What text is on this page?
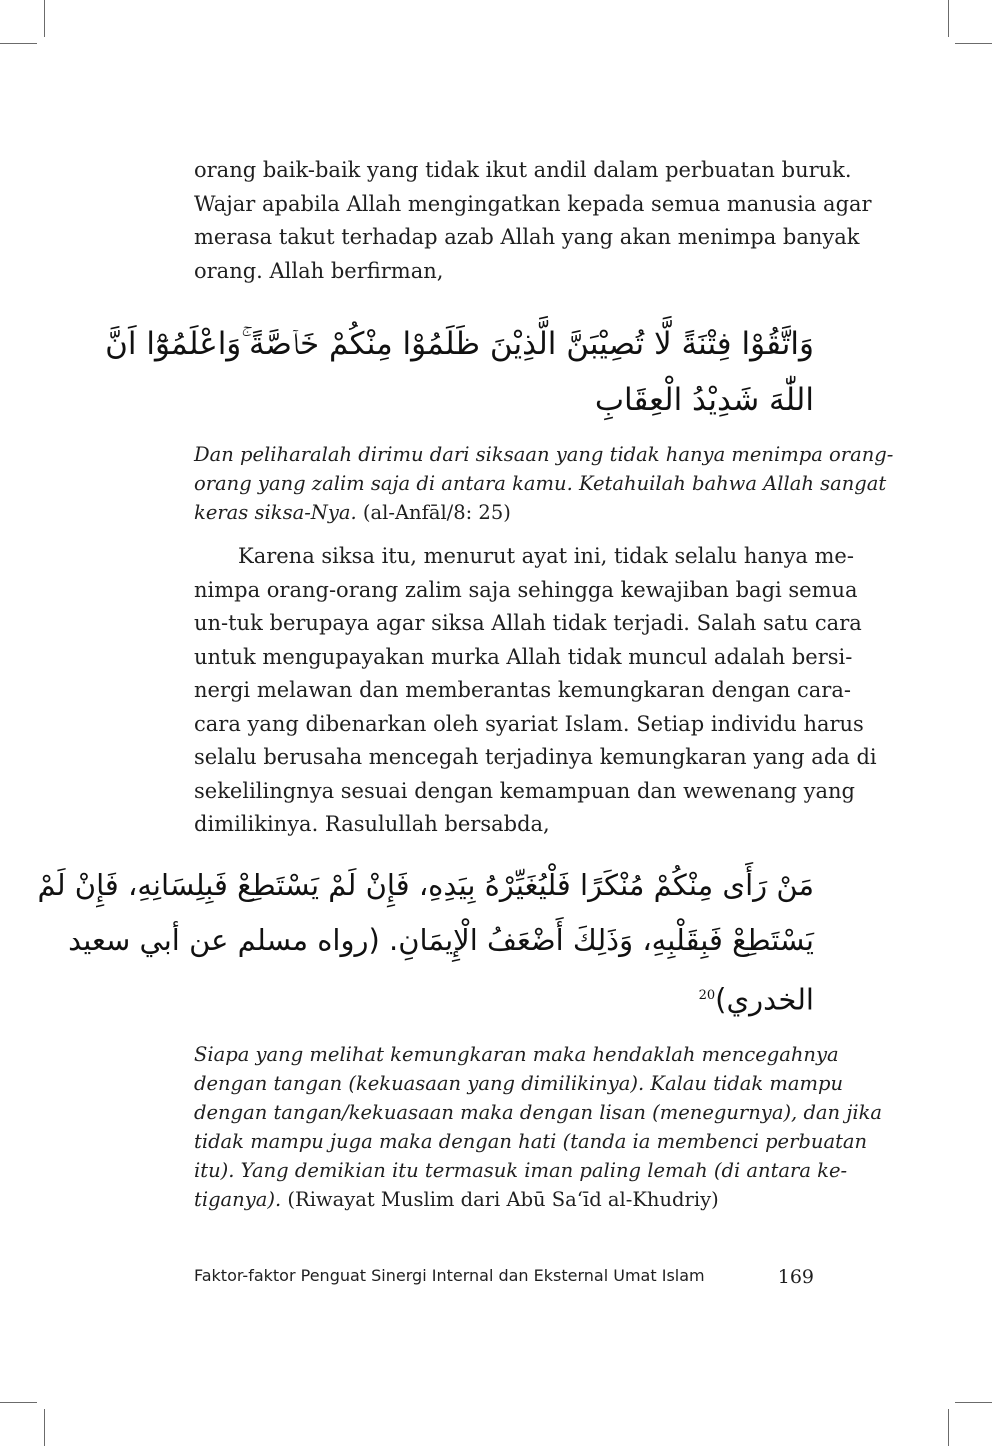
orang baik-baik yang tidak ikut andil dalam perbuatan buruk.
Wajar apabila Allah mengingatkan kepada semua manusia agar
merasa takut terhadap azab Allah yang akan menimpa banyak
orang. Allah berfirman,
وَاتَّقُوْا فِتْنَةً لَّا تُصِيْبَنَّ الَّذِيْنَ ظَلَمُوْا مِنْكُمْ خَاۤصَّةً ۚوَاعْلَمُوْٓا اَنَّ
اللّٰهَ شَدِيْدُ الْعِقَابِ
Dan peliharalah dirimu dari siksaan yang tidak hanya menimpa orang-
orang yang zalim saja di antara kamu. Ketahuilah bahwa Allah sangat
keras siksa-Nya. (al-Anfāl/8: 25)
Karena siksa itu, menurut ayat ini, tidak selalu hanya me-
nimpa orang-orang zalim saja sehingga kewajiban bagi semua
un-tuk berupaya agar siksa Allah tidak terjadi. Salah satu cara
untuk mengupayakan murka Allah tidak muncul adalah bersi-
nergi melawan dan memberantas kemungkaran dengan cara-
cara yang dibenarkan oleh syariat Islam. Setiap individu harus
selalu berusaha mencegah terjadinya kemungkaran yang ada di
sekelilingnya sesuai dengan kemampuan dan wewenang yang
dimilikinya. Rasulullah bersabda,
مَنْ رَأَى مِنْكُمْ مُنْكَرًا فَلْيُغَيِّرْهُ بِيَدِهِ، فَإِنْ لَمْ يَسْتَطِعْ فَبِلِسَانِهِ، فَإِنْ لَمْ
يَسْتَطِعْ فَبِقَلْبِهِ، وَذَلِكَ أَضْعَفُ الْإِيمَانِ. (رواه مسلم عن أبي سعيد
الخدري)$^{20}$
Siapa yang melihat kemungkaran maka hendaklah mencegahnya
dengan tangan (kekuasaan yang dimilikinya). Kalau tidak mampu
dengan tangan/kekuasaan maka dengan lisan (menegurnya), dan jika
tidak mampu juga maka dengan hati (tanda ia membenci perbuatan
itu). Yang demikian itu termasuk iman paling lemah (di antara ke-
tiganya). (Riwayat Muslim dari Abū Sa‘īd al-Khudriy)
Faktor-faktor Penguat Sinergi Internal dan Eksternal Umat Islam	169
